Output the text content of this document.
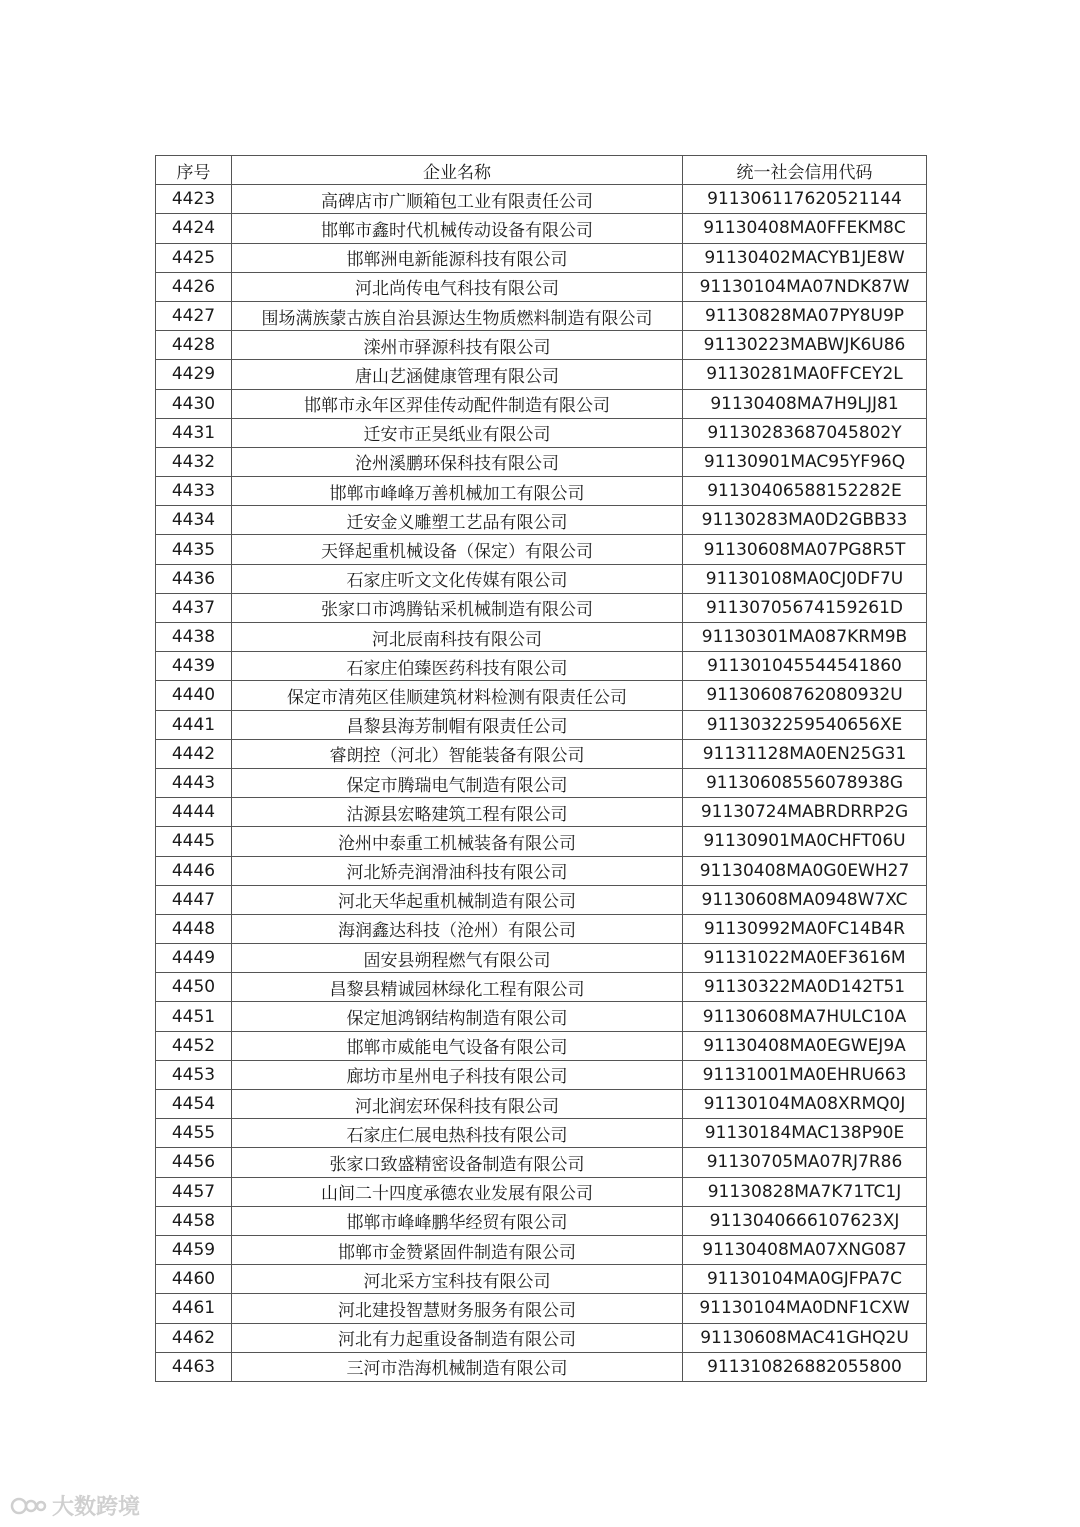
序号	企业名称	统一社会信用代码
4423	高碑店市广顺箱包工业有限责任公司	911306117620521144
4424	邯郸市鑫时代机械传动设备有限公司	91130408MA0FFEKM8C
4425	邯郸洲电新能源科技有限公司	91130402MACYB1JE8W
4426	河北尚传电气科技有限公司	91130104MA07NDK87W
4427	围场满族蒙古族自治县源达生物质燃料制造有限公司	91130828MA07PY8U9P
4428	滦州市驿源科技有限公司	91130223MABWJK6U86
4429	唐山艺涵健康管理有限公司	91130281MA0FFCEY2L
4430	邯郸市永年区羿佳传动配件制造有限公司	91130408MA7H9LJJ81
4431	迁安市正昊纸业有限公司	91130283687045802Y
4432	沧州溪鹏环保科技有限公司	91130901MAC95YF96Q
4433	邯郸市峰峰万善机械加工有限公司	91130406588152282E
4434	迁安金义雕塑工艺品有限公司	91130283MA0D2GBB33
4435	天铎起重机械设备（保定）有限公司	91130608MA07PG8R5T
4436	石家庄听文文化传媒有限公司	91130108MA0CJ0DF7U
4437	张家口市鸿腾钻采机械制造有限公司	91130705674159261D
4438	河北辰南科技有限公司	91130301MA087KRM9B
4439	石家庄伯臻医药科技有限公司	911301045544541860
4440	保定市清苑区佳顺建筑材料检测有限责任公司	91130608762080932U
4441	昌黎县海芳制帽有限责任公司	9113032259540656XE
4442	睿朗控（河北）智能装备有限公司	91131128MA0EN25G31
4443	保定市腾瑞电气制造有限公司	91130608556078938G
4444	沽源县宏略建筑工程有限公司	91130724MABRDRRP2G
4445	沧州中泰重工机械装备有限公司	91130901MA0CHFT06U
4446	河北矫壳润滑油科技有限公司	91130408MA0G0EWH27
4447	河北天华起重机械制造有限公司	91130608MA0948W7XC
4448	海润鑫达科技（沧州）有限公司	91130992MA0FC14B4R
4449	固安县朔程燃气有限公司	91131022MA0EF3616M
4450	昌黎县精诚园林绿化工程有限公司	91130322MA0D142T51
4451	保定旭鸿钢结构制造有限公司	91130608MA7HULC10A
4452	邯郸市威能电气设备有限公司	91130408MA0EGWEJ9A
4453	廊坊市星州电子科技有限公司	91131001MA0EHRU663
4454	河北润宏环保科技有限公司	91130104MA08XRMQ0J
4455	石家庄仁展电热科技有限公司	91130184MAC138P90E
4456	张家口致盛精密设备制造有限公司	91130705MA07RJ7R86
4457	山间二十四度承德农业发展有限公司	91130828MA7K71TC1J
4458	邯郸市峰峰鹏华经贸有限公司	9113040666107623XJ
4459	邯郸市金赞紧固件制造有限公司	91130408MA07XNG087
4460	河北采方宝科技有限公司	91130104MA0GJFPA7C
4461	河北建投智慧财务服务有限公司	91130104MA0DNF1CXW
4462	河北有力起重设备制造有限公司	91130608MAC41GHQ2U
4463	三河市浩海机械制造有限公司	911310826882055800
大数跨境
